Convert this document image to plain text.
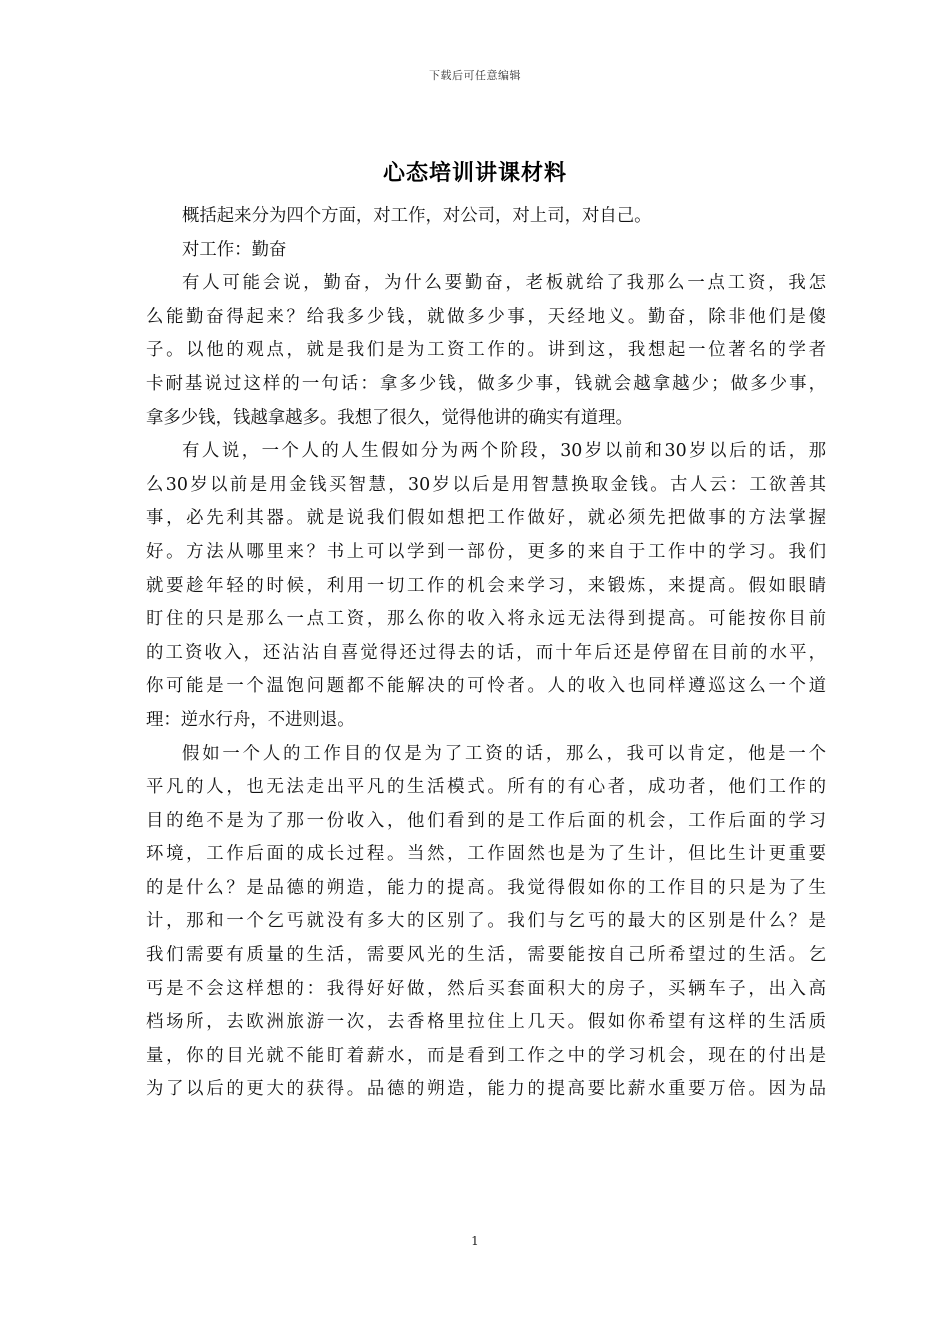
下载后可任意编辑
心态培训讲课材料
概括起来分为四个方面，对工作，对公司，对上司，对自己。
对工作：勤奋
有人可能会说，勤奋，为什么要勤奋，老板就给了我那么一点工资，我怎
么能勤奋得起来？给我多少钱，就做多少事，天经地义。勤奋，除非他们是傻
子。以他的观点，就是我们是为工资工作的。讲到这，我想起一位著名的学者
卡耐基说过这样的一句话：拿多少钱，做多少事，钱就会越拿越少；做多少事，
拿多少钱，钱越拿越多。我想了很久，觉得他讲的确实有道理。
有人说，一个人的人生假如分为两个阶段，30岁以前和30岁以后的话，那
么30岁以前是用金钱买智慧，30岁以后是用智慧换取金钱。古人云：工欲善其
事，必先利其器。就是说我们假如想把工作做好，就必须先把做事的方法掌握
好。方法从哪里来？书上可以学到一部份，更多的来自于工作中的学习。我们
就要趁年轻的时候，利用一切工作的机会来学习，来锻炼，来提高。假如眼睛
盯住的只是那么一点工资，那么你的收入将永远无法得到提高。可能按你目前
的工资收入，还沾沾自喜觉得还过得去的话，而十年后还是停留在目前的水平，
你可能是一个温饱问题都不能解决的可怜者。人的收入也同样遵巡这么一个道
理：逆水行舟，不进则退。
假如一个人的工作目的仅是为了工资的话，那么，我可以肯定，他是一个
平凡的人，也无法走出平凡的生活模式。所有的有心者，成功者，他们工作的
目的绝不是为了那一份收入，他们看到的是工作后面的机会，工作后面的学习
环境，工作后面的成长过程。当然，工作固然也是为了生计，但比生计更重要
的是什么？是品德的朔造，能力的提高。我觉得假如你的工作目的只是为了生
计，那和一个乞丐就没有多大的区别了。我们与乞丐的最大的区别是什么？是
我们需要有质量的生活，需要风光的生活，需要能按自己所希望过的生活。乞
丐是不会这样想的：我得好好做，然后买套面积大的房子，买辆车子，出入高
档场所，去欧洲旅游一次，去香格里拉住上几天。假如你希望有这样的生活质
量，你的目光就不能盯着薪水，而是看到工作之中的学习机会，现在的付出是
为了以后的更大的获得。品德的朔造，能力的提高要比薪水重要万倍。因为品
1
